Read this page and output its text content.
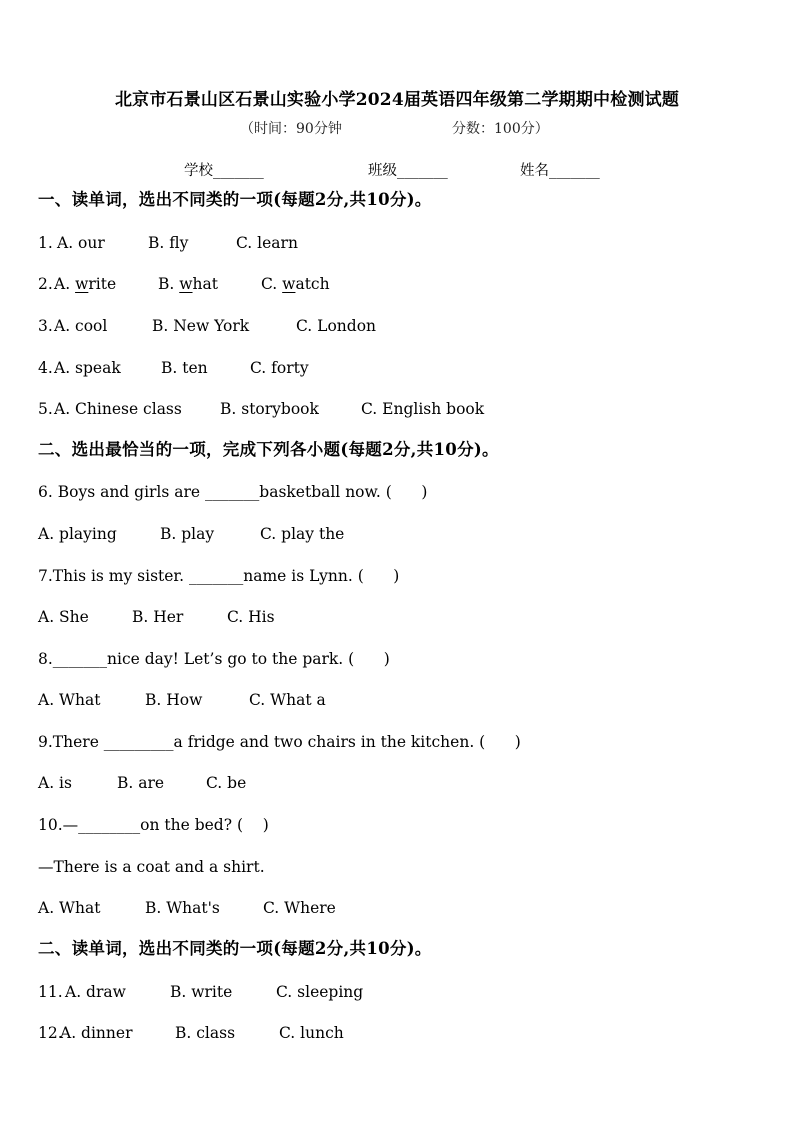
北京市石景山区石景山实验小学2024届英语四年级第二学期期中检测试题
（时间：90分钟	分数：100分）
学校_______	班级_______	姓名_______
一、读单词，选出不同类的一项(每题2分,共10分)。
1. A. our	B. fly	C. learn
2. A. write	B. what	C. watch
3. A. cool	B. New York	C. London
4. A. speak	B. ten	C. forty
5. A. Chinese class B. storybook	C. English book
二、选出最恰当的一项，完成下列各小题(每题2分,共10分)。
6. Boys and girls are _______basketball now. (      )
A. playing	B. play	C. play the
7.This is my sister. _______name is Lynn. (      )
A. She	B. Her	C. His
8._______nice day! Let’s go to the park. (      )
A. What	B. How	C. What a
9.There _________a fridge and two chairs in the kitchen. (      )
A. is	B. are	C. be
10.—________on the bed? (    )
—There is a coat and a shirt.
A. What	B. What's	C. Where
二、读单词，选出不同类的一项(每题2分,共10分)。
11.
A. draw	B. write	C. sleeping
12.
A. dinner	B. class	C. lunch
